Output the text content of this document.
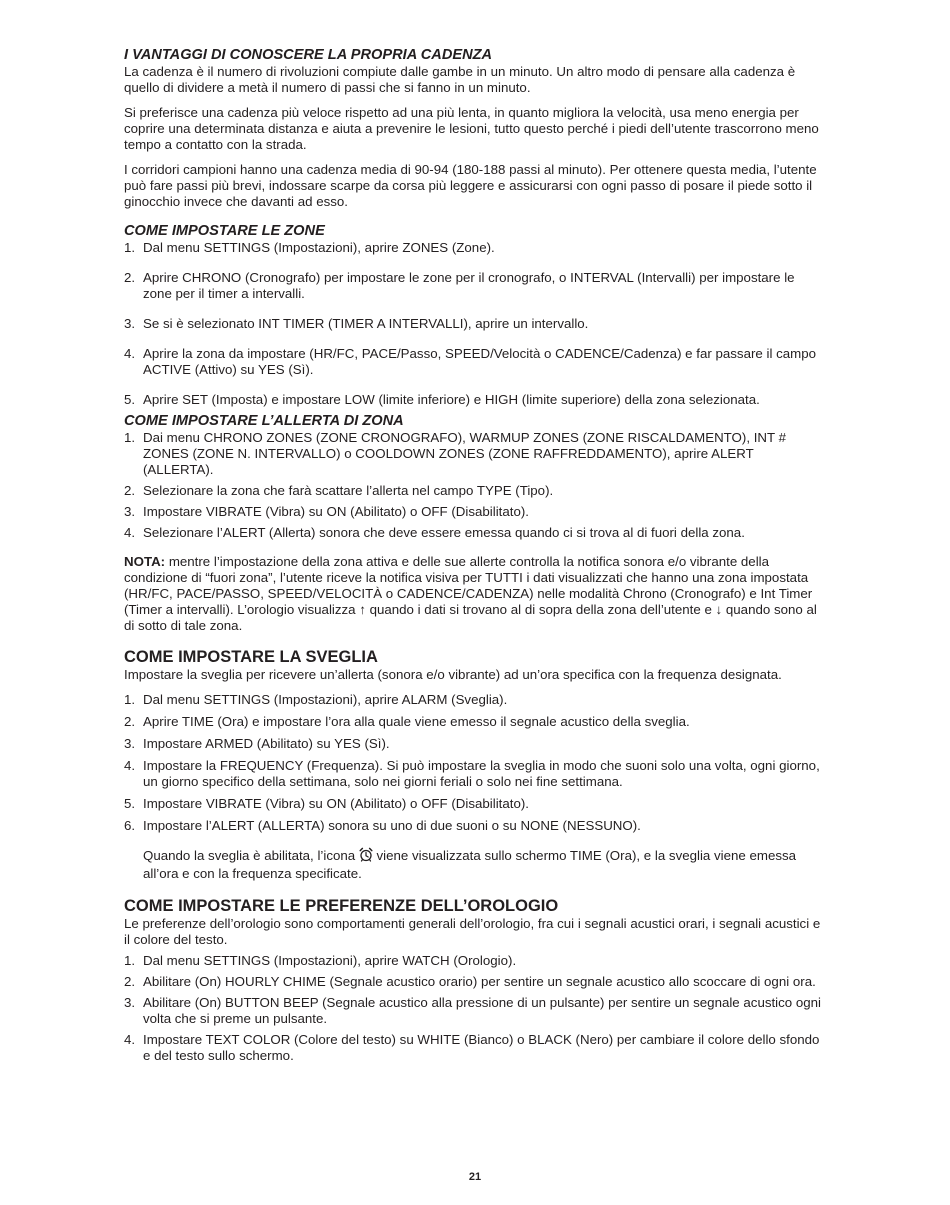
I VANTAGGI DI CONOSCERE LA PROPRIA CADENZA

La cadenza è il numero di rivoluzioni compiute dalle gambe in un minuto. Un altro modo di pensare alla cadenza è quello di dividere a metà il numero di passi che si fanno in un minuto.

Si preferisce una cadenza più veloce rispetto ad una più lenta, in quanto migliora la velocità, usa meno energia per coprire una determinata distanza e aiuta a prevenire le lesioni, tutto questo perché i piedi dell’utente trascorrono meno tempo a contatto con la strada.

I corridori campioni hanno una cadenza media di 90-94 (180-188 passi al minuto). Per ottenere questa media, l’utente può fare passi più brevi, indossare scarpe da corsa più leggere e assicurarsi con ogni passo di posare il piede sotto il ginocchio invece che davanti ad esso.

COME IMPOSTARE LE ZONE
1. Dal menu SETTINGS (Impostazioni), aprire ZONES (Zone).
2. Aprire CHRONO (Cronografo) per impostare le zone per il cronografo, o INTERVAL (Intervalli) per impostare le zone per il timer a intervalli.
3. Se si è selezionato INT TIMER (TIMER A INTERVALLI), aprire un intervallo.
4. Aprire la zona da impostare (HR/FC, PACE/Passo, SPEED/Velocità o CADENCE/Cadenza) e far passare il campo ACTIVE (Attivo) su YES (Sì).
5. Aprire SET (Imposta) e impostare LOW (limite inferiore) e HIGH (limite superiore) della zona selezionata.
COME IMPOSTARE L’ALLERTA DI ZONA
1. Dai menu CHRONO ZONES (ZONE CRONOGRAFO), WARMUP ZONES (ZONE RISCALDAMENTO), INT # ZONES (ZONE N. INTERVALLO) o COOLDOWN ZONES (ZONE RAFFREDDAMENTO), aprire ALERT (ALLERTA).
2. Selezionare la zona che farà scattare l’allerta nel campo TYPE (Tipo).
3. Impostare VIBRATE (Vibra) su ON (Abilitato) o OFF (Disabilitato).
4. Selezionare l’ALERT (Allerta) sonora che deve essere emessa quando ci si trova al di fuori della zona.

NOTA: mentre l’impostazione della zona attiva e delle sue allerte controlla la notifica sonora e/o vibrante della condizione di “fuori zona”, l’utente riceve la notifica visiva per TUTTI i dati visualizzati che hanno una zona impostata (HR/FC, PACE/PASSO, SPEED/VELOCITÀ o CADENCE/CADENZA) nelle modalità Chrono (Cronografo) e Int Timer (Timer a intervalli). L’orologio visualizza ↑ quando i dati si trovano al di sopra della zona dell’utente e ↓ quando sono al di sotto di tale zona.

COME IMPOSTARE LA SVEGLIA

Impostare la sveglia per ricevere un’allerta (sonora e/o vibrante) ad un’ora specifica con la frequenza designata.

1. Dal menu SETTINGS (Impostazioni), aprire ALARM (Sveglia).
2. Aprire TIME (Ora) e impostare l’ora alla quale viene emesso il segnale acustico della sveglia.
3. Impostare ARMED (Abilitato) su YES (Sì).
4. Impostare la FREQUENCY (Frequenza). Si può impostare la sveglia in modo che suoni solo una volta, ogni giorno, un giorno specifico della settimana, solo nei giorni feriali o solo nei fine settimana.
5. Impostare VIBRATE (Vibra) su ON (Abilitato) o OFF (Disabilitato).
6. Impostare l’ALERT (ALLERTA) sonora su uno di due suoni o su NONE (NESSUNO).

Quando la sveglia è abilitata, l’icona  viene visualizzata sullo schermo TIME (Ora), e la sveglia viene emessa all’ora e con la frequenza specificate.

COME IMPOSTARE LE PREFERENZE DELL’OROLOGIO

Le preferenze dell’orologio sono comportamenti generali dell’orologio, fra cui i segnali acustici orari, i segnali acustici e il colore del testo.

1. Dal menu SETTINGS (Impostazioni), aprire WATCH (Orologio).
2. Abilitare (On) HOURLY CHIME (Segnale acustico orario) per sentire un segnale acustico allo scoccare di ogni ora.
3. Abilitare (On) BUTTON BEEP (Segnale acustico alla pressione di un pulsante) per sentire un segnale acustico ogni volta che si preme un pulsante.
4. Impostare TEXT COLOR (Colore del testo) su WHITE (Bianco) o BLACK (Nero) per cambiare il colore dello sfondo e del testo sullo schermo.
21
